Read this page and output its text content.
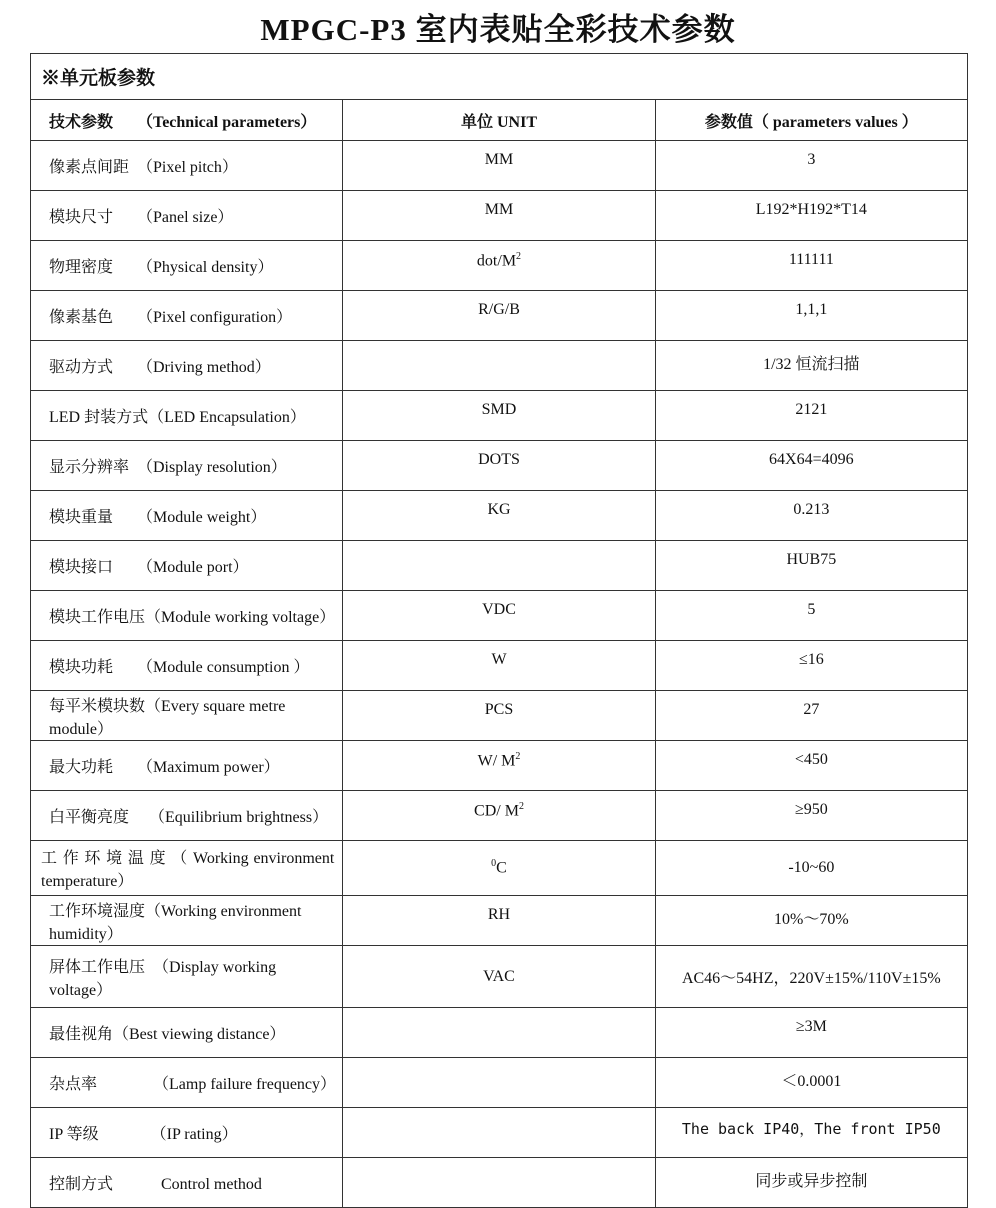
MPGC-P3 室内表贴全彩技术参数
※单元板参数		
技术参数　　（Technical parameters）	单位 UNIT	参数值（ parameters values ）
像素点间距　（Pixel pitch）	MM	3
模块尺寸　　（Panel size）	MM	L192*H192*T14
物理密度　　（Physical density）	dot/$M^2$	111111
像素基色　　（Pixel configuration）	R/G/B	1,1,1
驱动方式　　（Driving method）		1/32 恒流扫描
LED 封装方式（LED Encapsulation）	SMD	2121
显示分辨率　（Display resolution）	DOTS	64X64=4096
模块重量　　（Module weight）	KG	0.213
模块接口　　（Module port）		HUB75
模块工作电压（Module working voltage）	VDC	5
模块功耗　　（Module consumption ）	W	≤16
每平米模块数（Every square metre module）	PCS	27
最大功耗　　（Maximum power）	W/ $M^2$	<450
白平衡亮度　 （Equilibrium brightness）	CD/ $M^2$	≥950
工 作 环 境 温 度 （ Working environment temperature）	$^0$C	-10~60
工作环境湿度（Working environment humidity）	RH	10%～70%
屏体工作电压　（Display working voltage）	VAC	AC46～54HZ，220V±15%/110V±15%
最佳视角（Best viewing distance）		≥3M
杂点率　　　　（Lamp failure frequency）		＜0.0001
IP 等级　　　 （IP rating）		The back IP40，The front IP50
控制方式　　　Control method		同步或异步控制
